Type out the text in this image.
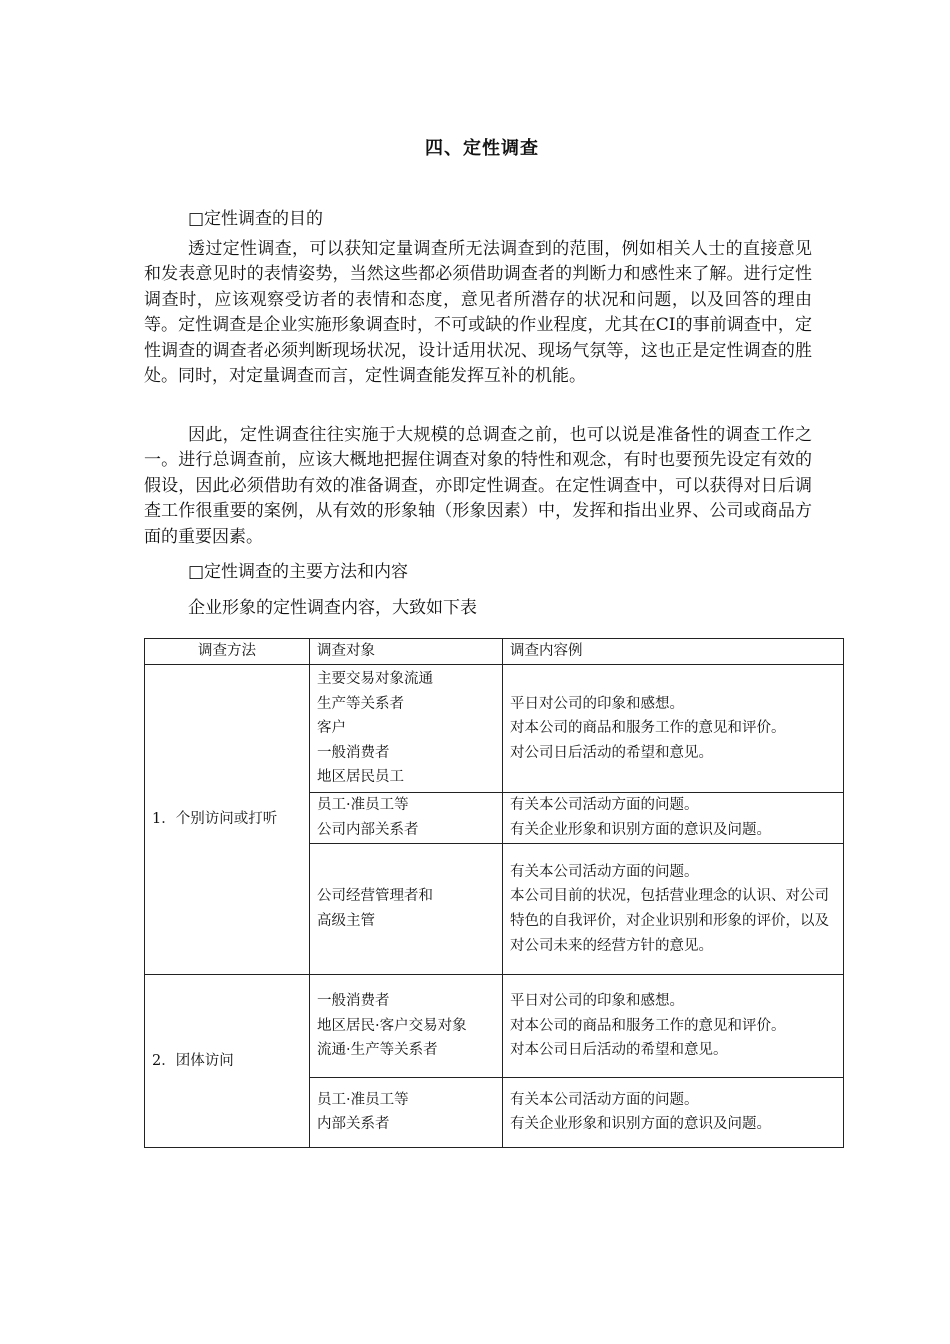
四、定性调查
□定性调查的目的

透过定性调查，可以获知定量调查所无法调查到的范围，例如相关人士的直接意见和发表意见时的表情姿势，当然这些都必须借助调查者的判断力和感性来了解。进行定性调查时，应该观察受访者的表情和态度，意见者所潜存的状况和问题，以及回答的理由等。定性调查是企业实施形象调查时，不可或缺的作业程度，尤其在CI的事前调查中，定性调查的调查者必须判断现场状况，设计适用状况、现场气氛等，这也正是定性调查的胜处。同时，对定量调查而言，定性调查能发挥互补的机能。

因此，定性调查往往实施于大规模的总调查之前，也可以说是准备性的调查工作之一。进行总调查前，应该大概地把握住调查对象的特性和观念，有时也要预先设定有效的假设，因此必须借助有效的准备调查，亦即定性调查。在定性调查中，可以获得对日后调查工作很重要的案例，从有效的形象轴（形象因素）中，发挥和指出业界、公司或商品方面的重要因素。

□定性调查的主要方法和内容
企业形象的定性调查内容，大致如下表
调查方法	调查对象	调查内容例
1．个别访问或打听	主要交易对象流通
生产等关系者
客户
一般消费者
地区居民员工	平日对公司的印象和感想。
对本公司的商品和服务工作的意见和评价。
对公司日后活动的希望和意见。

	员工·准员工等
公司内部关系者	有关本公司活动方面的问题。
有关企业形象和识别方面的意识及问题。

	公司经营管理者和
高级主管	有关本公司活动方面的问题。
本公司目前的状况，包括营业理念的认识、对公司特色的自我评价，对企业识别和形象的评价，以及对公司未来的经营方针的意见。

2．团体访问	一般消费者
地区居民·客户交易对象
流通·生产等关系者	平日对公司的印象和感想。
对本公司的商品和服务工作的意见和评价。
对本公司日后活动的希望和意见。

	员工·准员工等
内部关系者	有关本公司活动方面的问题。
有关企业形象和识别方面的意识及问题。
